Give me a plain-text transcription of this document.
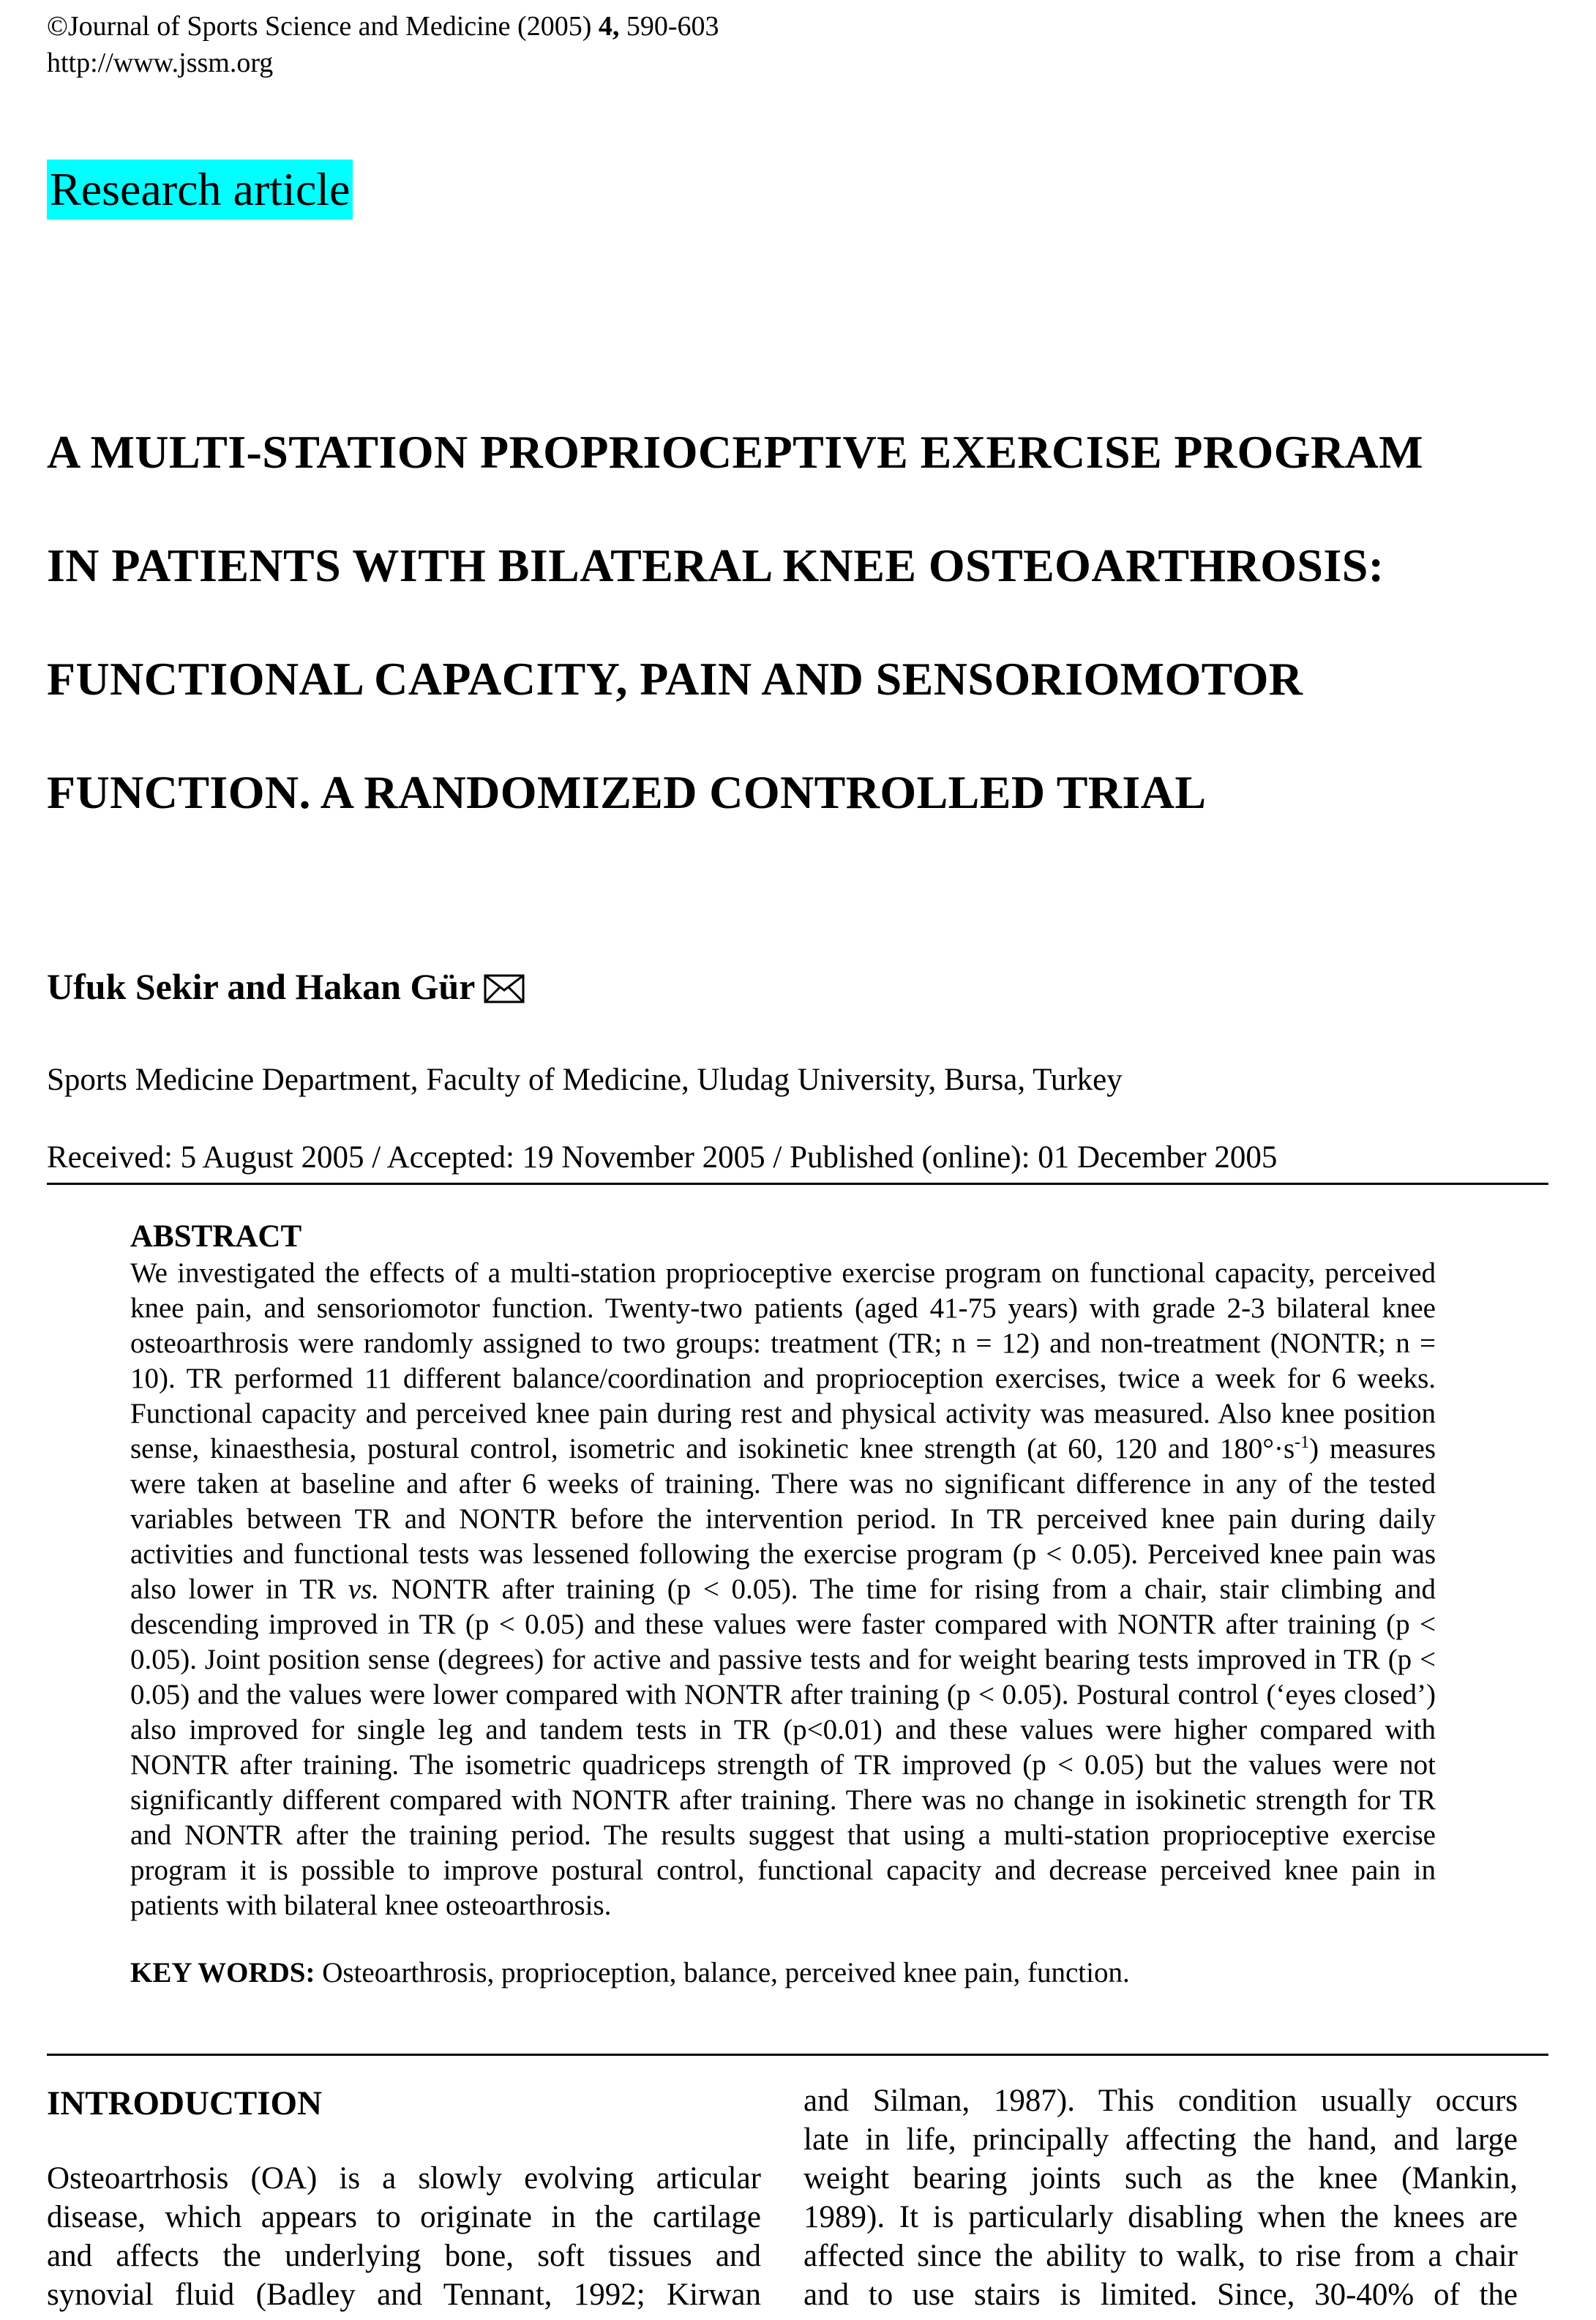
©Journal of Sports Science and Medicine (2005) 4, 590-603
http://www.jssm.org
Research article
A MULTI-STATION PROPRIOCEPTIVE EXERCISE PROGRAM
IN PATIENTS WITH BILATERAL KNEE OSTEOARTHROSIS:
FUNCTIONAL CAPACITY, PAIN AND SENSORIOMOTOR
FUNCTION. A RANDOMIZED CONTROLLED TRIAL
Ufuk Sekir and Hakan Gür
Sports Medicine Department, Faculty of Medicine, Uludag University, Bursa, Turkey
Received: 5 August 2005 / Accepted: 19 November 2005 / Published (online): 01 December 2005
ABSTRACT
We investigated the effects of a multi-station proprioceptive exercise program on functional capacity, perceived knee pain, and sensoriomotor function. Twenty-two patients (aged 41-75 years) with grade 2-3 bilateral knee osteoarthrosis were randomly assigned to two groups: treatment (TR; n = 12) and non-treatment (NONTR; n = 10). TR performed 11 different balance/coordination and proprioception exercises, twice a week for 6 weeks. Functional capacity and perceived knee pain during rest and physical activity was measured. Also knee position sense, kinaesthesia, postural control, isometric and isokinetic knee strength (at 60, 120 and $180^\circ\cdot s^{-1}$) measures were taken at baseline and after 6 weeks of training. There was no significant difference in any of the tested variables between TR and NONTR before the intervention period. In TR perceived knee pain during daily activities and functional tests was lessened following the exercise program (p < 0.05). Perceived knee pain was also lower in TR vs. NONTR after training (p < 0.05). The time for rising from a chair, stair climbing and descending improved in TR (p < 0.05) and these values were faster compared with NONTR after training (p < 0.05). Joint position sense (degrees) for active and passive tests and for weight bearing tests improved in TR (p < 0.05) and the values were lower compared with NONTR after training (p < 0.05). Postural control (‘eyes closed’) also improved for single leg and tandem tests in TR (p<0.01) and these values were higher compared with NONTR after training. The isometric quadriceps strength of TR improved (p < 0.05) but the values were not significantly different compared with NONTR after training. There was no change in isokinetic strength for TR and NONTR after the training period. The results suggest that using a multi-station proprioceptive exercise program it is possible to improve postural control, functional capacity and decrease perceived knee pain in patients with bilateral knee osteoarthrosis.
KEY WORDS: Osteoarthrosis, proprioception, balance, perceived knee pain, function.
INTRODUCTION
Osteoartrhosis (OA) is a slowly evolving articular
disease, which appears to originate in the cartilage
and affects the underlying bone, soft tissues and
synovial fluid (Badley and Tennant, 1992; Kirwan
and Silman, 1987). This condition usually occurs
late in life, principally affecting the hand, and large
weight bearing joints such as the knee (Mankin,
1989). It is particularly disabling when the knees are
affected since the ability to walk, to rise from a chair
and to use stairs is limited. Since, 30-40% of the
